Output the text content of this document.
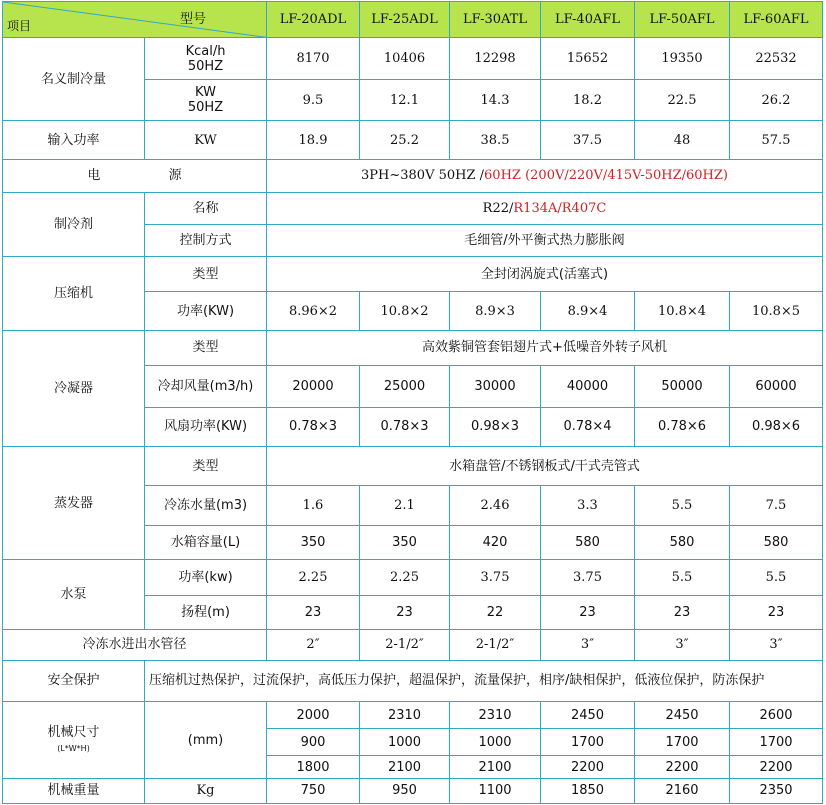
型号
项目		LF-20ADL	LF-25ADL	LF-30ATL	LF-40AFL	LF-50AFL	LF-60AFL
名义制冷量	Kcal/h
50HZ	8170	10406	12298	15652	19350	22532
	KW
50HZ	9.5	12.1	14.3	18.2	22.5	26.2
输入功率	KW	18.9	25.2	38.5	37.5	48	57.5
电 源		3PH~380V 50HZ /60HZ (200V/220V/415V-50HZ/60HZ)					
制冷剂	名称	R22/R134A/R407C					
	控制方式	毛细管/外平衡式热力膨胀阀					
压缩机	类型	全封闭涡旋式(活塞式)					
	功率(KW)	8.96×2	10.8×2	8.9×3	8.9×4	10.8×4	10.8×5
冷凝器	类型	高效紫铜管套铝翅片式+低噪音外转子风机					
	冷却风量(m3/h)	20000	25000	30000	40000	50000	60000
	风扇功率(KW)	0.78×3	0.78×3	0.98×3	0.78×4	0.78×6	0.98×6
蒸发器	类型	水箱盘管/不锈钢板式/干式壳管式					
	冷冻水量(m3)	1.6	2.1	2.46	3.3	5.5	7.5
	水箱容量(L)	350	350	420	580	580	580
水泵	功率(kw)	2.25	2.25	3.75	3.75	5.5	5.5
	扬程(m)	23	23	22	23	23	23
冷冻水进出水管径		2″	2-1/2″	2-1/2″	3″	3″	3″
安全保护	压缩机过热保护，过流保护，高低压力保护，超温保护，流量保护，相序/缺相保护，低液位保护，防冻保护						
机械尺寸
(L*W*H)	(mm)	2000	2310	2310	2450	2450	2600
		900	1000	1000	1700	1700	1700
		1800	2100	2100	2200	2200	2200
机械重量	Kg	750	950	1100	1850	2160	2350
